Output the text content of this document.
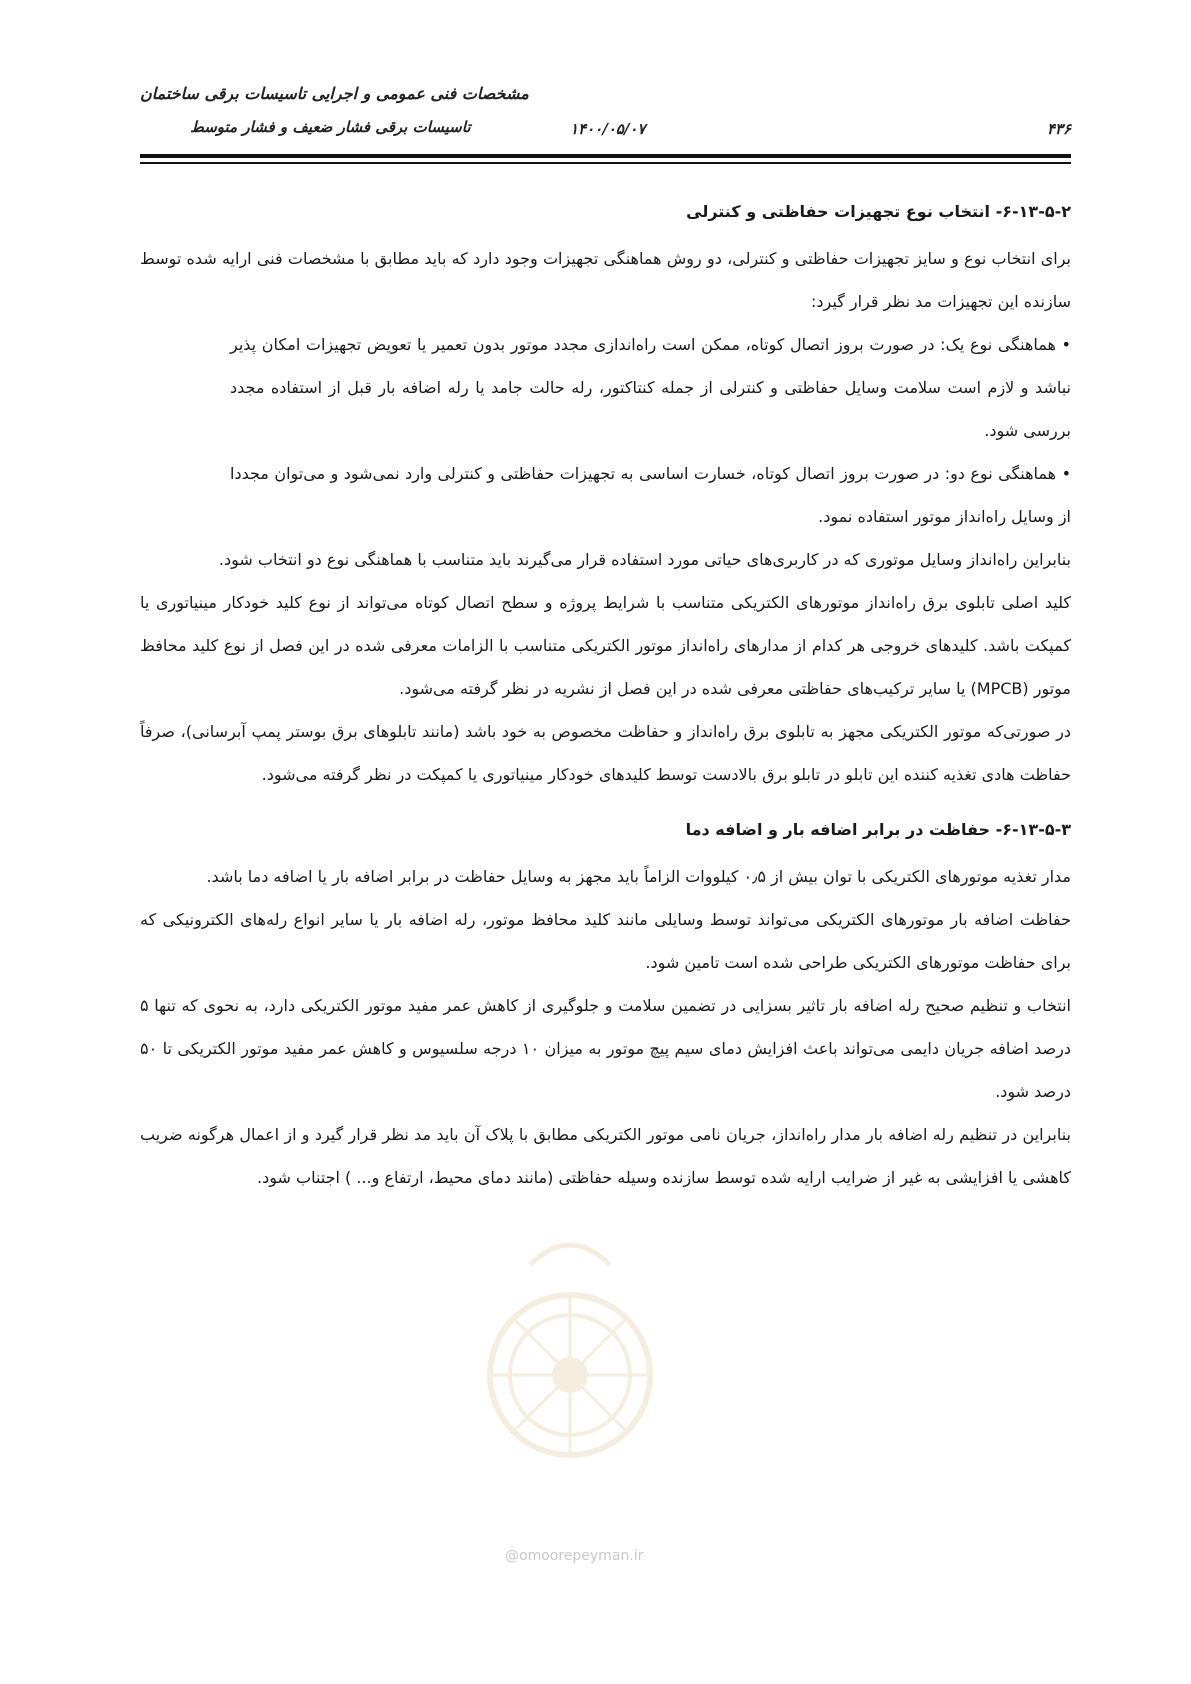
مشخصات فنی عمومی و اجرایی تاسیسات برقی ساختمان
تاسیسات برقی فشار ضعیف و فشار متوسط	۱۴۰۰/۰۵/۰۷	۴۳۶

۶-۱۳-۵-۲- انتخاب نوع تجهیزات حفاظتی و کنترلی

برای انتخاب نوع و سایز تجهیزات حفاظتی و کنترلی، دو روش هماهنگی تجهیزات وجود دارد که باید مطابق با مشخصات فنی ارایه شده توسط سازنده این تجهیزات مد نظر قرار گیرد:

• هماهنگی نوع یک: در صورت بروز اتصال کوتاه، ممکن است راه‌اندازی مجدد موتور بدون تعمیر یا تعویض تجهیزات امکان پذیر نباشد و لازم است سلامت وسایل حفاظتی و کنترلی از جمله کنتاکتور، رله حالت جامد یا رله اضافه بار قبل از استفاده مجدد بررسی شود.

• هماهنگی نوع دو: در صورت بروز اتصال کوتاه، خسارت اساسی به تجهیزات حفاظتی و کنترلی وارد نمی‌شود و می‌توان مجددا از وسایل راه‌انداز موتور استفاده نمود.

بنابراین راه‌انداز وسایل موتوری که در کاربری‌های حیاتی مورد استفاده قرار می‌گیرند باید متناسب با هماهنگی نوع دو انتخاب شود.

کلید اصلی تابلوی برق راه‌انداز موتورهای الکتریکی متناسب با شرایط پروژه و سطح اتصال کوتاه می‌تواند از نوع کلید خودکار مینیاتوری یا کمپکت باشد. کلیدهای خروجی هر کدام از مدارهای راه‌انداز موتور الکتریکی متناسب با الزامات معرفی شده در این فصل از نوع کلید محافظ موتور (MPCB) یا سایر ترکیب‌های حفاظتی معرفی شده در این فصل از نشریه در نظر گرفته می‌شود.

در صورتی‌که موتور الکتریکی مجهز به تابلوی برق راه‌انداز و حفاظت مخصوص به خود باشد (مانند تابلوهای برق بوستر پمپ آبرسانی)، صرفاً حفاظت هادی تغذیه کننده این تابلو در تابلو برق بالادست توسط کلیدهای خودکار مینیاتوری یا کمپکت در نظر گرفته می‌شود.

۶-۱۳-۵-۳- حفاظت در برابر اضافه بار و اضافه دما

مدار تغذیه موتورهای الکتریکی با توان بیش از ۰٫۵ کیلووات الزاماً باید مجهز به وسایل حفاظت در برابر اضافه بار یا اضافه دما باشد.

حفاظت اضافه بار موتورهای الکتریکی می‌تواند توسط وسایلی مانند کلید محافظ موتور، رله اضافه بار یا سایر انواع رله‌های الکترونیکی که برای حفاظت موتورهای الکتریکی طراحی شده است تامین شود.

انتخاب و تنظیم صحیح رله اضافه بار تاثیر بسزایی در تضمین سلامت و جلوگیری از کاهش عمر مفید موتور الکتریکی دارد، به نحوی که تنها ۵ درصد اضافه جریان دایمی می‌تواند باعث افزایش دمای سیم پیچ موتور به میزان ۱۰ درجه سلسیوس و کاهش عمر مفید موتور الکتریکی تا ۵۰ درصد شود.

بنابراین در تنظیم رله اضافه بار مدار راه‌انداز، جریان نامی موتور الکتریکی مطابق با پلاک آن باید مد نظر قرار گیرد و از اعمال هرگونه ضریب کاهشی یا افزایشی به غیر از ضرایب ارایه شده توسط سازنده وسیله حفاظتی (مانند دمای محیط، ارتفاع و... ) اجتناب شود.

@omoorepeyman.ir
